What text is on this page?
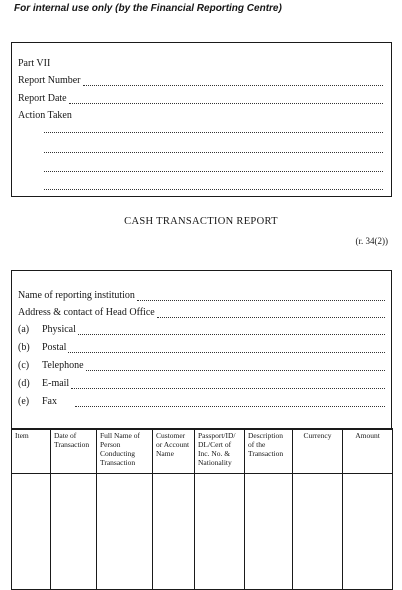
For internal use only (by the Financial Reporting Centre)
Part VII
Report Number
Report Date
Action Taken
CASH TRANSACTION REPORT
(r. 34(2))
Name of reporting institution
Address & contact of Head Office
(a) Physical
(b) Postal
(c) Telephone
(d) E-mail
(e) Fax
Item	Date of Transaction	Full Name of Person Conducting Transaction	Customer or Account Name	Passport/ID/ DL/Cert of Inc. No. & Nationality	Description of the Transaction	Currency	Amount
